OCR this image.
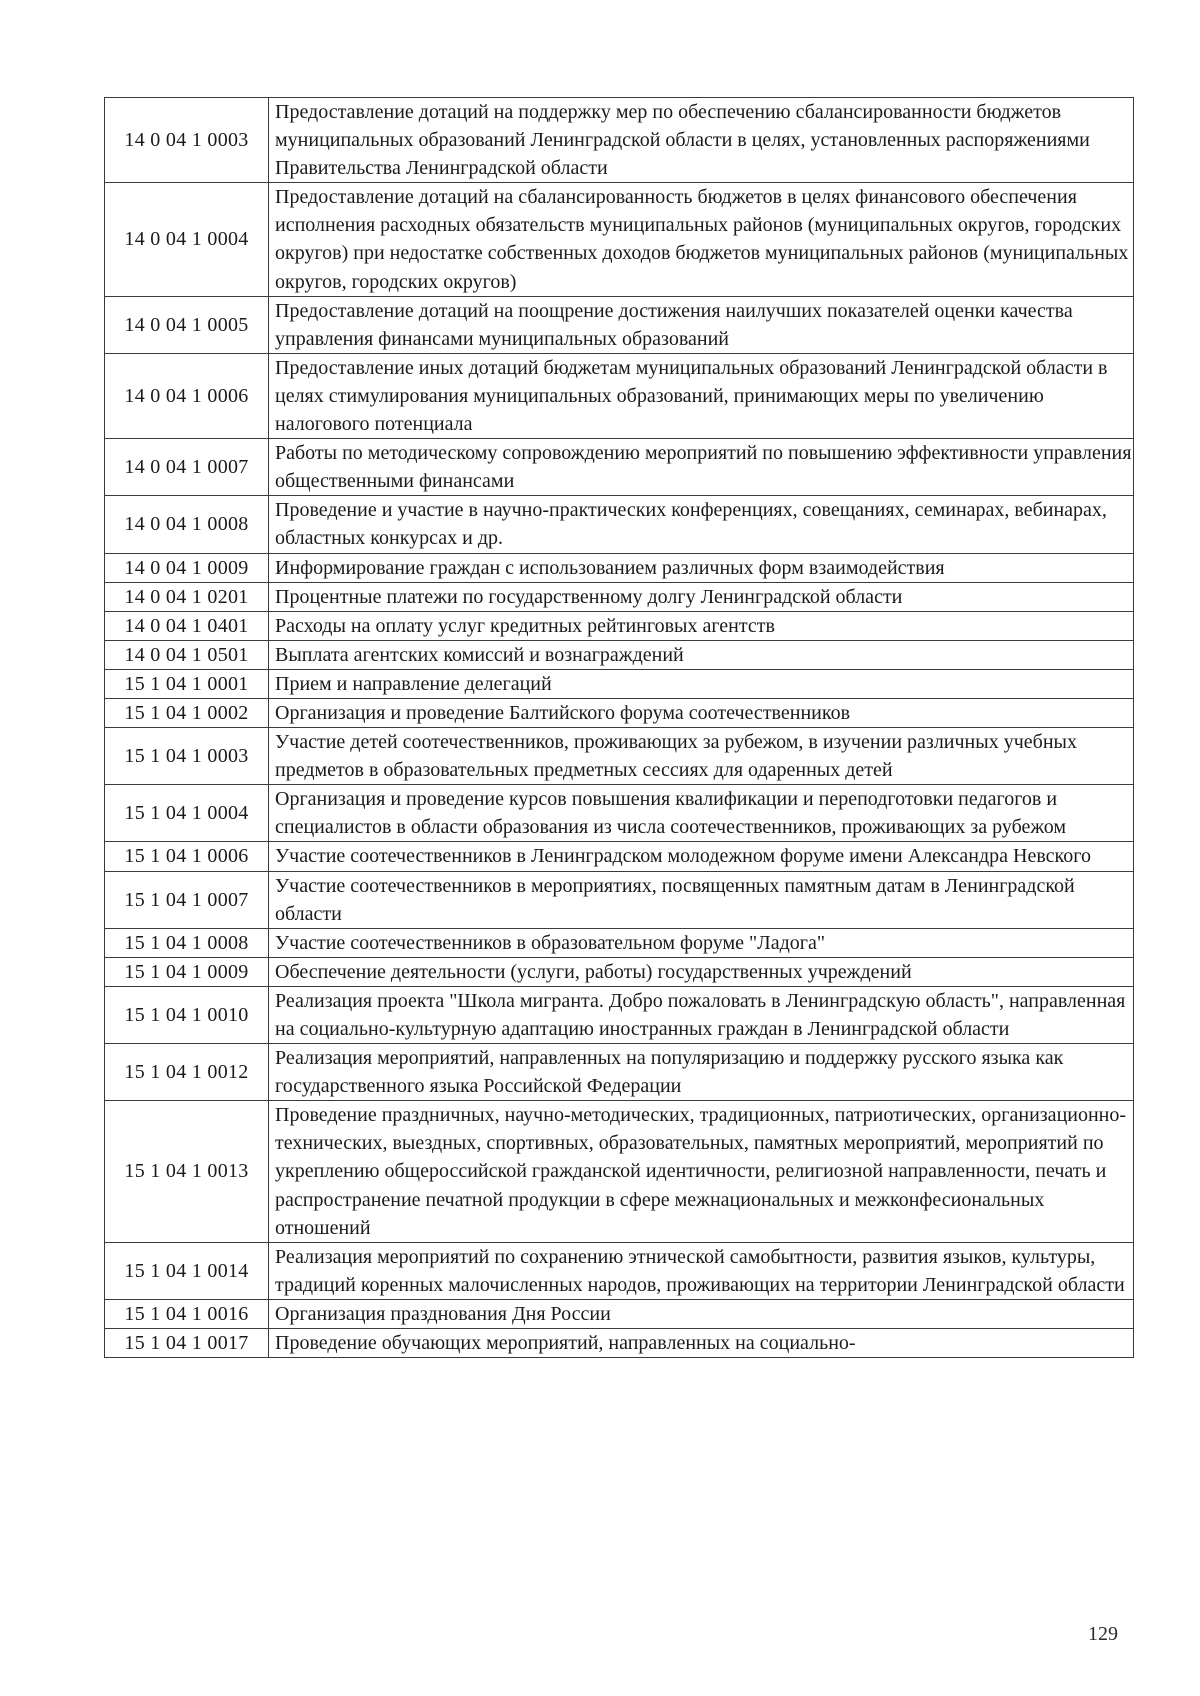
14 0 04 1 0003	Предоставление дотаций на поддержку мер по обеспечению сбалансированности бюджетов муниципальных образований Ленинградской области в целях, установленных распоряжениями Правительства Ленинградской области
14 0 04 1 0004	Предоставление дотаций на сбалансированность бюджетов в целях финансового обеспечения исполнения расходных обязательств муниципальных районов (муниципальных округов, городских округов) при недостатке собственных доходов бюджетов муниципальных районов (муниципальных округов, городских округов)
14 0 04 1 0005	Предоставление дотаций на поощрение достижения наилучших показателей оценки качества управления финансами муниципальных образований
14 0 04 1 0006	Предоставление иных дотаций бюджетам муниципальных образований Ленинградской области в целях стимулирования муниципальных образований, принимающих меры по увеличению налогового потенциала
14 0 04 1 0007	Работы по методическому сопровождению мероприятий по повышению эффективности управления общественными финансами
14 0 04 1 0008	Проведение и участие в научно-практических конференциях, совещаниях, семинарах, вебинарах, областных конкурсах и др.
14 0 04 1 0009	Информирование граждан с использованием различных форм взаимодействия
14 0 04 1 0201	Процентные платежи по государственному долгу Ленинградской области
14 0 04 1 0401	Расходы на оплату услуг кредитных рейтинговых агентств
14 0 04 1 0501	Выплата агентских комиссий и вознаграждений
15 1 04 1 0001	Прием и направление делегаций
15 1 04 1 0002	Организация и проведение Балтийского форума соотечественников
15 1 04 1 0003	Участие детей соотечественников, проживающих за рубежом, в изучении различных учебных предметов в образовательных предметных сессиях для одаренных детей
15 1 04 1 0004	Организация и проведение курсов повышения квалификации и переподготовки педагогов и специалистов в области образования из числа соотечественников, проживающих за рубежом
15 1 04 1 0006	Участие соотечественников в Ленинградском молодежном форуме имени Александра Невского
15 1 04 1 0007	Участие соотечественников в мероприятиях, посвященных памятным датам в Ленинградской области
15 1 04 1 0008	Участие соотечественников в образовательном форуме "Ладога"
15 1 04 1 0009	Обеспечение деятельности (услуги, работы) государственных учреждений
15 1 04 1 0010	Реализация проекта "Школа мигранта. Добро пожаловать в Ленинградскую область", направленная на социально-культурную адаптацию иностранных граждан в Ленинградской области
15 1 04 1 0012	Реализация мероприятий, направленных на популяризацию и поддержку русского языка как государственного языка Российской Федерации
15 1 04 1 0013	Проведение праздничных, научно-методических, традиционных, патриотических, организационно-технических, выездных, спортивных, образовательных, памятных мероприятий, мероприятий по укреплению общероссийской гражданской идентичности, религиозной направленности, печать и распространение печатной продукции в сфере межнациональных и межконфесиональных отношений
15 1 04 1 0014	Реализация мероприятий по сохранению этнической самобытности, развития языков, культуры, традиций коренных малочисленных народов, проживающих на территории Ленинградской области
15 1 04 1 0016	Организация празднования Дня России
15 1 04 1 0017	Проведение обучающих мероприятий, направленных на социально-
129
